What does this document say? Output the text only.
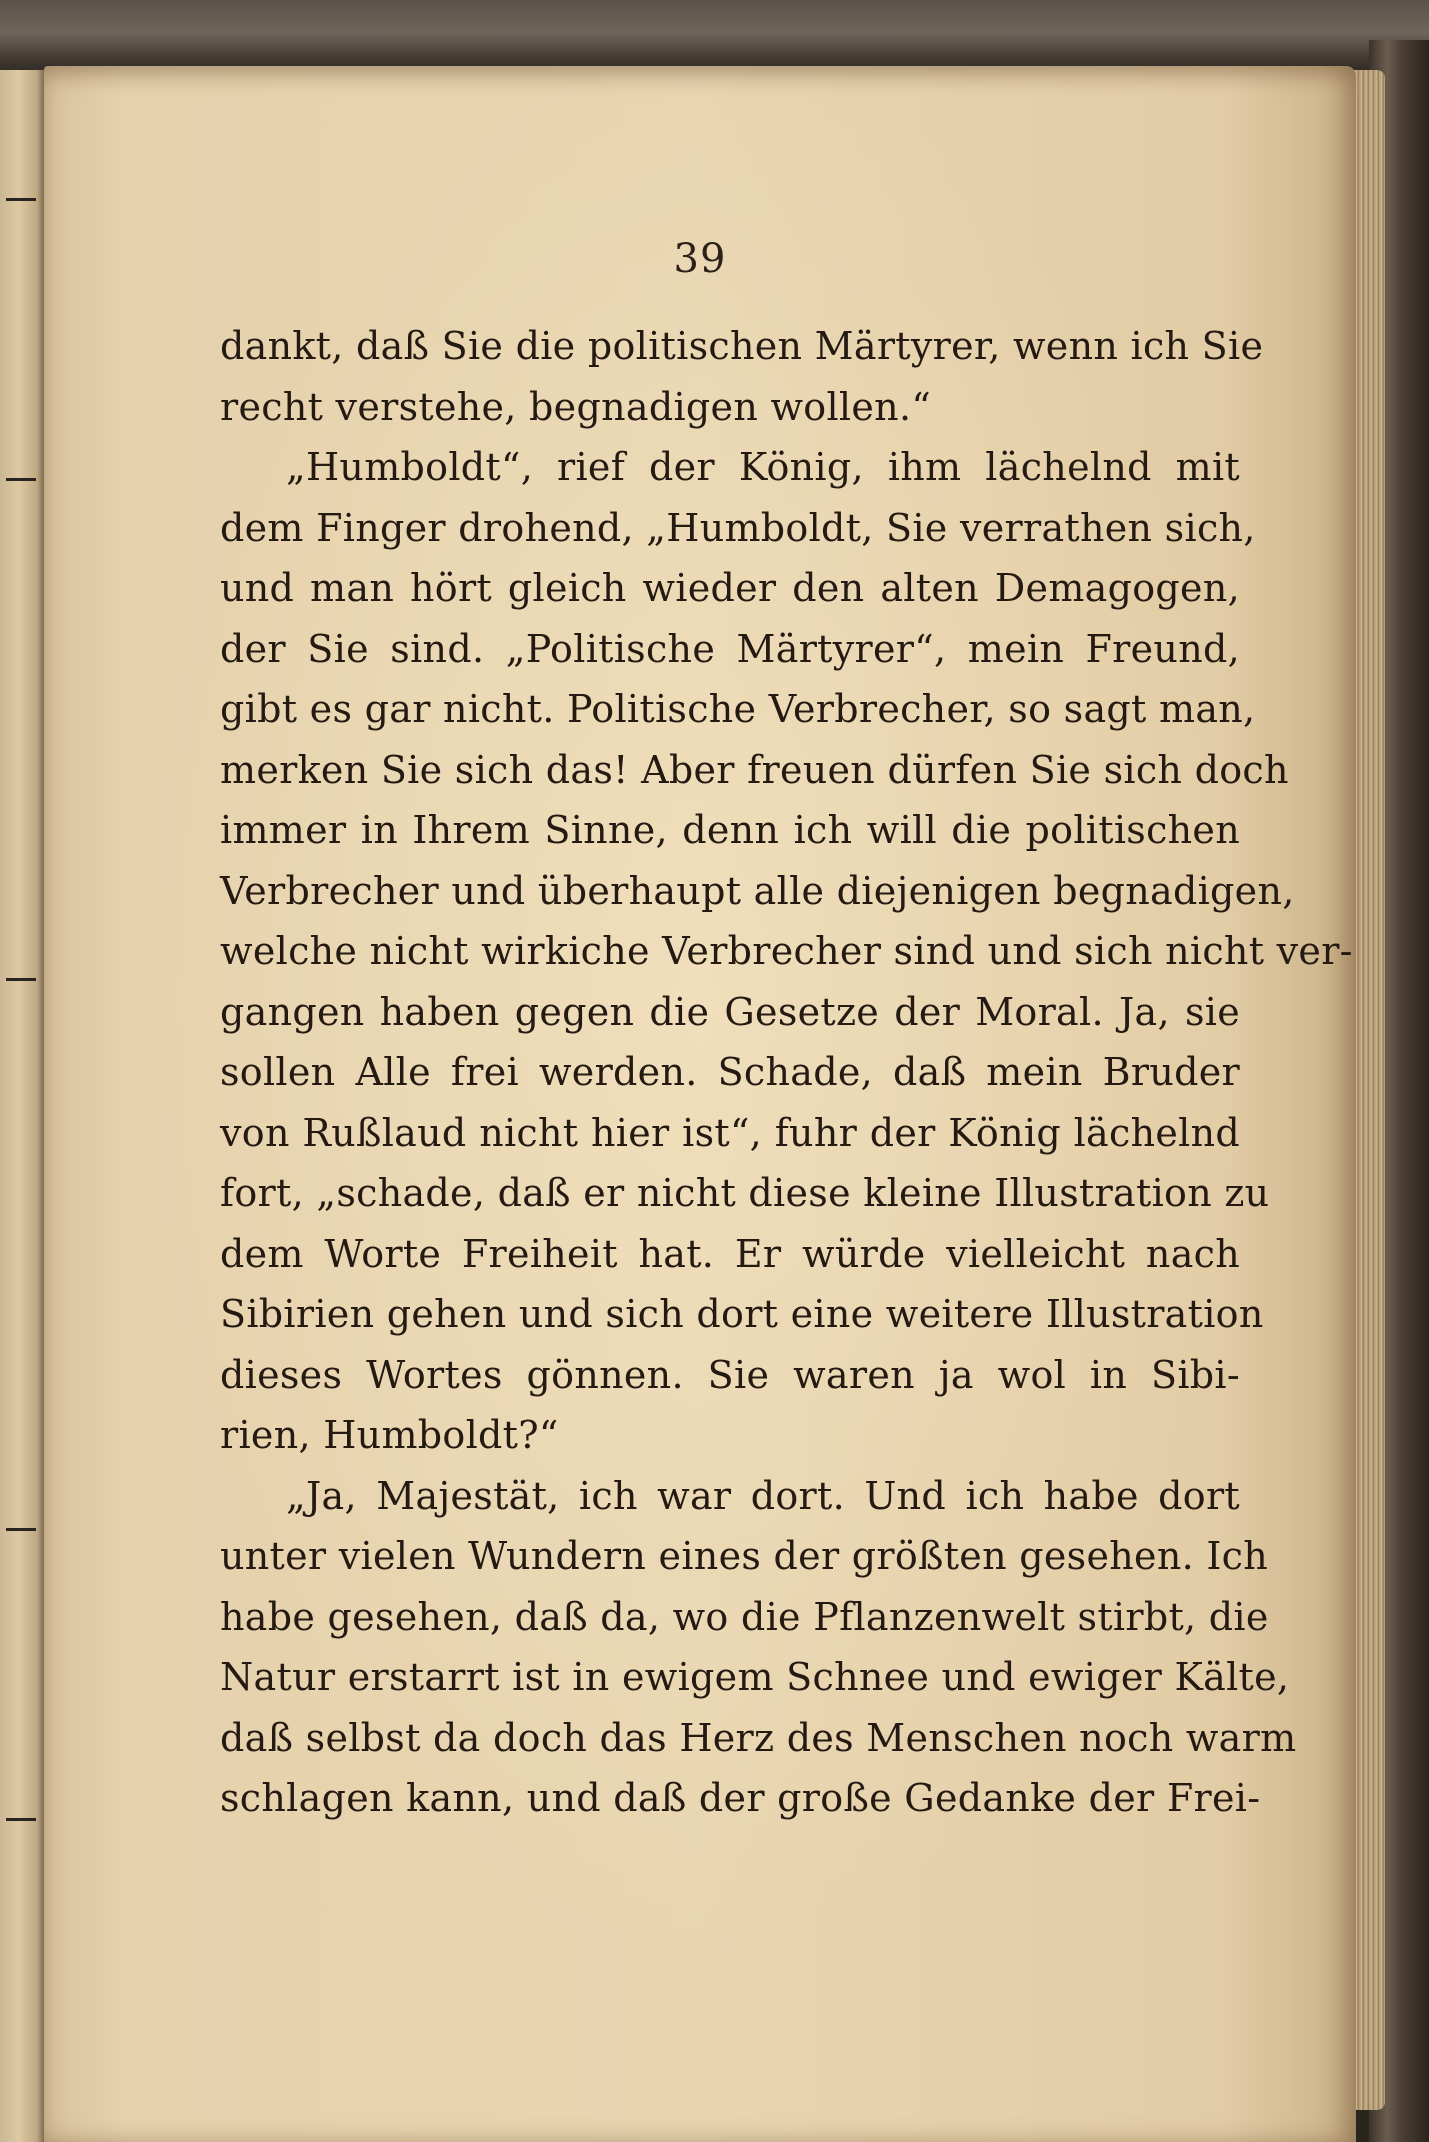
39
dankt, daß Sie die politischen Märtyrer, wenn ich Sie
recht verstehe, begnadigen wollen.“
„Humboldt“, rief der König, ihm lächelnd mit
dem Finger drohend, „Humboldt, Sie verrathen sich,
und man hört gleich wieder den alten Demagogen,
der Sie sind. „Politische Märtyrer“, mein Freund,
gibt es gar nicht. Politische Verbrecher, so sagt man,
merken Sie sich das! Aber freuen dürfen Sie sich doch
immer in Ihrem Sinne, denn ich will die politischen
Verbrecher und überhaupt alle diejenigen begnadigen,
welche nicht wirkiche Verbrecher sind und sich nicht ver-
gangen haben gegen die Gesetze der Moral. Ja, sie
sollen Alle frei werden. Schade, daß mein Bruder
von Rußlaud nicht hier ist“, fuhr der König lächelnd
fort, „schade, daß er nicht diese kleine Illustration zu
dem Worte Freiheit hat. Er würde vielleicht nach
Sibirien gehen und sich dort eine weitere Illustration
dieses Wortes gönnen. Sie waren ja wol in Sibi-
rien, Humboldt?“
„Ja, Majestät, ich war dort. Und ich habe dort
unter vielen Wundern eines der größten gesehen. Ich
habe gesehen, daß da, wo die Pflanzenwelt stirbt, die
Natur erstarrt ist in ewigem Schnee und ewiger Kälte,
daß selbst da doch das Herz des Menschen noch warm
schlagen kann, und daß der große Gedanke der Frei-
